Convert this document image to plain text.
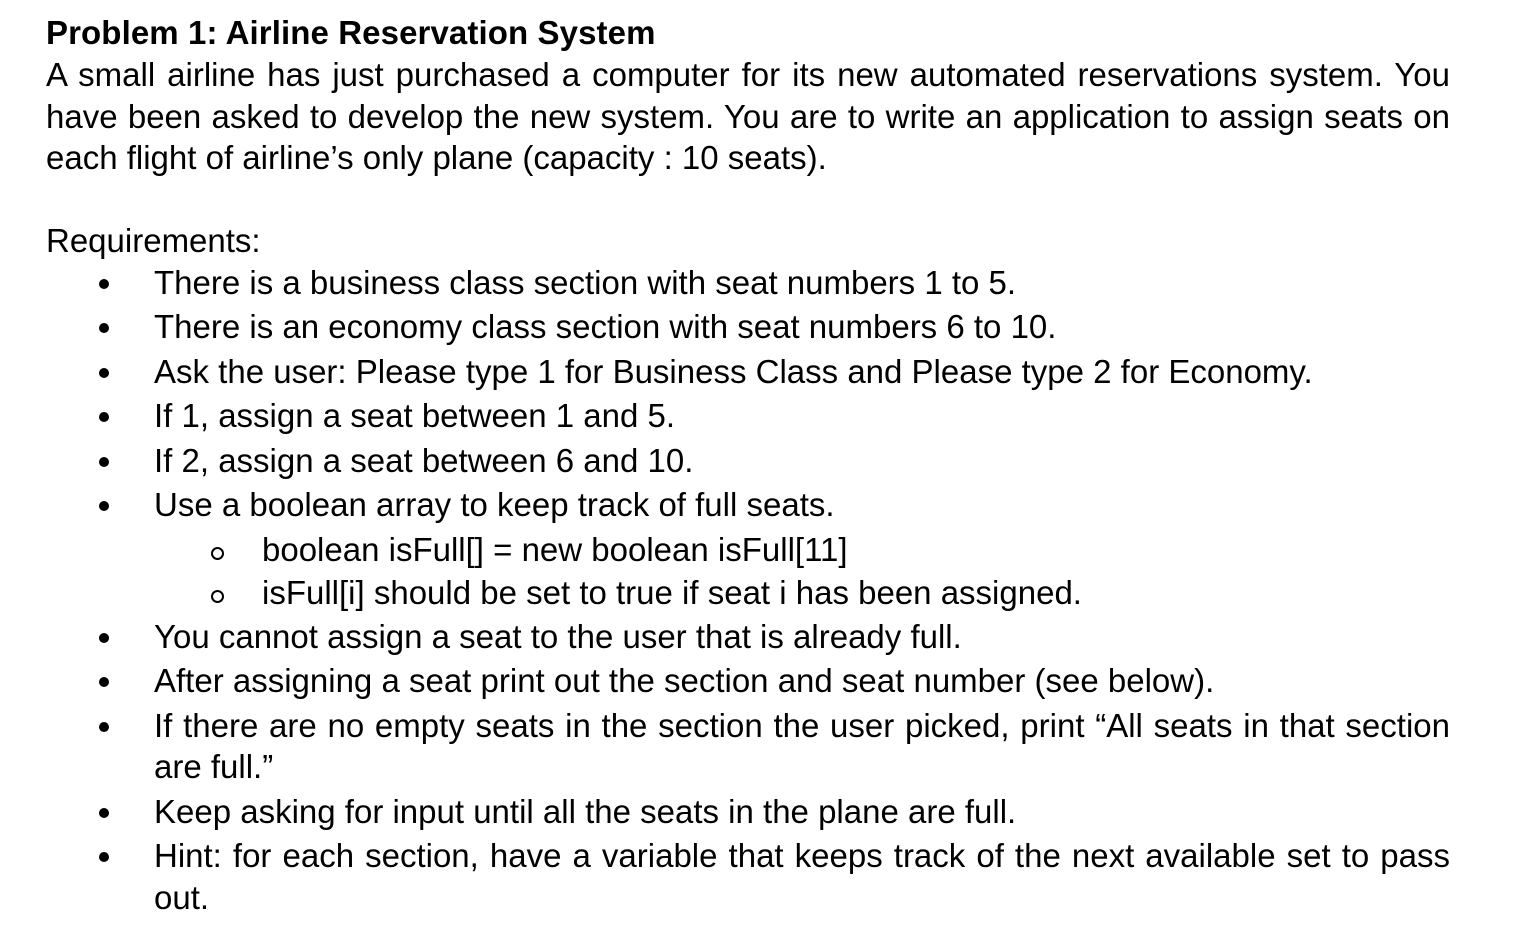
Problem 1: Airline Reservation System

A small airline has just purchased a computer for its new automated reservations system. You have been asked to develop the new system. You are to write an application to assign seats on each flight of airline’s only plane (capacity : 10 seats).

Requirements:

There is a business class section with seat numbers 1 to 5.
There is an economy class section with seat numbers 6 to 10.
Ask the user: Please type 1 for Business Class and Please type 2 for Economy.
If 1, assign a seat between 1 and 5.
If 2, assign a seat between 6 and 10.
Use a boolean array to keep track of full seats.
boolean isFull[] = new boolean isFull[11]
isFull[i] should be set to true if seat i has been assigned.
You cannot assign a seat to the user that is already full.
After assigning a seat print out the section and seat number (see below).
If there are no empty seats in the section the user picked, print “All seats in that section are full.”
Keep asking for input until all the seats in the plane are full.
Hint: for each section, have a variable that keeps track of the next available set to pass out.
